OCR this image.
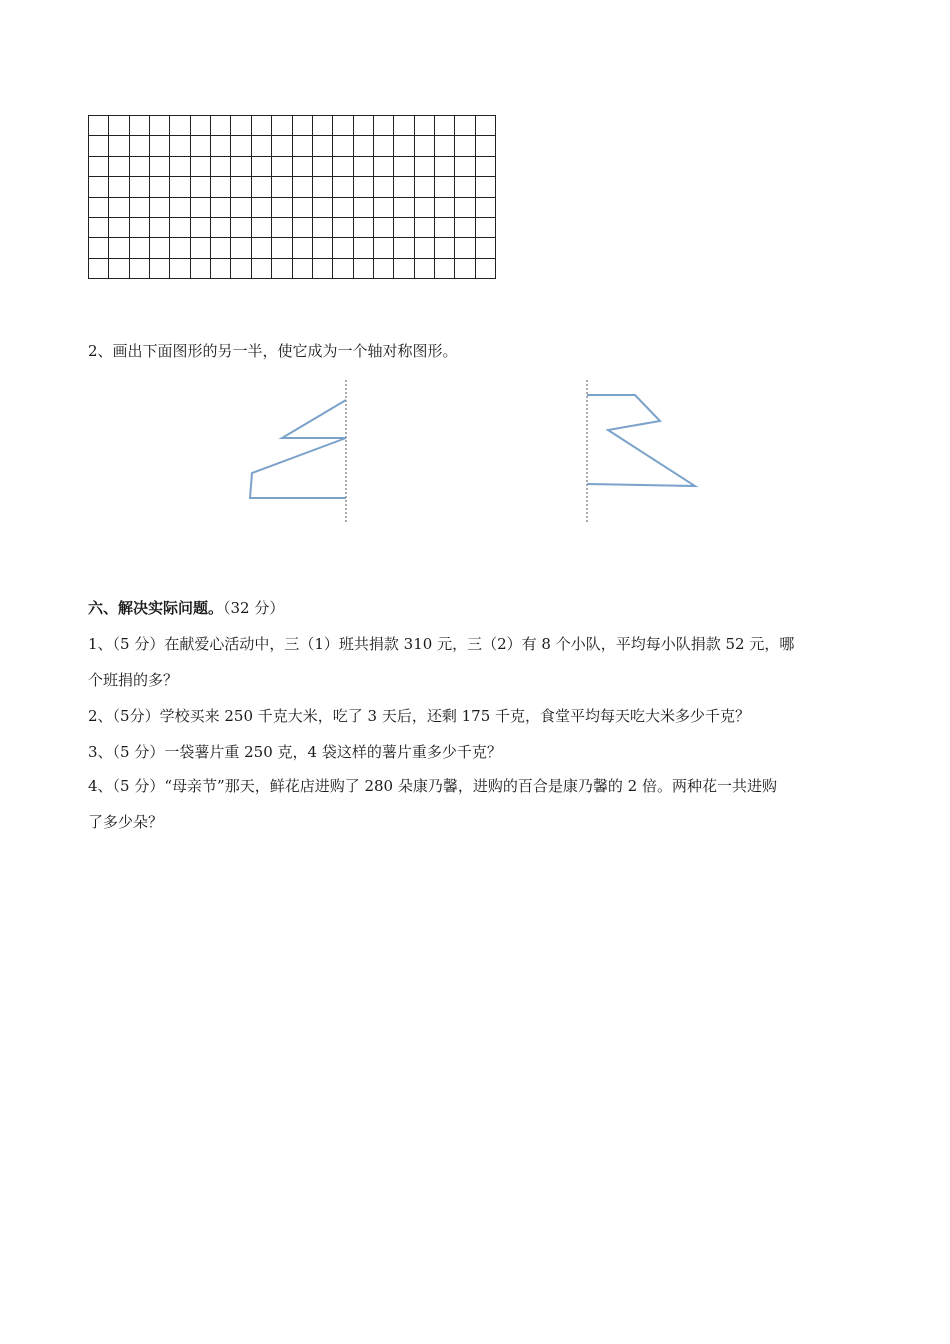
2、画出下面图形的另一半，使它成为一个轴对称图形。
六、解决实际问题。（32 分）
1、（5 分）在献爱心活动中，三（1）班共捐款 310 元，三（2）有 8 个小队，平均每小队捐款 52 元，哪
个班捐的多？
2、（5分）学校买来 250 千克大米，吃了 3 天后，还剩 175 千克，食堂平均每天吃大米多少千克？
3、（5 分）一袋薯片重 250 克，4 袋这样的薯片重多少千克？
4、（5 分）“母亲节”那天，鲜花店进购了 280 朵康乃馨，进购的百合是康乃馨的 2 倍。两种花一共进购
了多少朵？
